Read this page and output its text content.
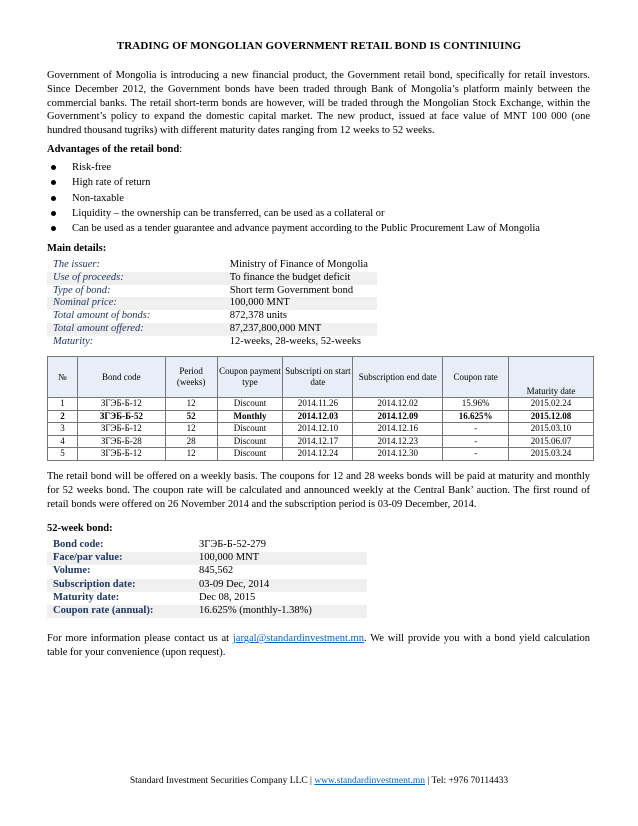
TRADING OF MONGOLIAN GOVERNMENT RETAIL BOND IS CONTINIUING

Government of Mongolia is introducing a new financial product, the Government retail bond, specifically for retail investors. Since December 2012, the Government bonds have been traded through Bank of Mongolia’s platform mainly between the commercial banks. The retail short-term bonds are however, will be traded through the Mongolian Stock Exchange, within the Government’s policy to expand the domestic capital market. The new product, issued at face value of MNT 100 000 (one hundred thousand tugriks) with different maturity dates ranging from 12 weeks to 52 weeks.

Advantages of the retail bond:
Risk-free
High rate of return
Non-taxable
Liquidity – the ownership can be transferred, can be used as a collateral or
Can be used as a tender guarantee and advance payment according to the Public Procurement Law of Mongolia
Main details:
The issuer:	Ministry of Finance of Mongolia
Use of proceeds:	To finance the budget deficit
Type of bond:	Short term Government bond
Nominal price:	100,000 MNT
Total amount of bonds:	872,378 units
Total amount offered:	87,237,800,000 MNT
Maturity:	12-weeks, 28-weeks, 52-weeks
№	Bond code	Period (weeks)	Coupon payment type	Subscripti on start date	Subscription end date	Coupon rate	Maturity date
1	ЗГЭБ-Б-12	12	Discount	2014.11.26	2014.12.02	15.96%	2015.02.24
2	ЗГЭБ-Б-52	52	Monthly	2014.12.03	2014.12.09	16.625%	2015.12.08
3	ЗГЭБ-Б-12	12	Discount	2014.12.10	2014.12.16	-	2015.03.10
4	ЗГЭБ-Б-28	28	Discount	2014.12.17	2014.12.23	-	2015.06.07
5	ЗГЭБ-Б-12	12	Discount	2014.12.24	2014.12.30	-	2015.03.24

The retail bond will be offered on a weekly basis. The coupons for 12 and 28 weeks bonds will be paid at maturity and monthly for 52 weeks bond. The coupon rate will be calculated and announced weekly at the Central Bank’ auction. The first round of retail bonds were offered on 26 November 2014 and the subscription period is 03-09 December, 2014.

52-week bond:
Bond code:	ЗГЭБ-Б-52-279
Face/par value:	100,000 MNT
Volume:	845,562
Subscription date:	03-09 Dec, 2014
Maturity date:	Dec 08, 2015
Coupon rate (annual):	16.625% (monthly-1.38%)

For more information please contact us at jargal@standardinvestment.mn. We will provide you with a bond yield calculation table for your convenience (upon request).

Standard Investment Securities Company LLC | www.standardinvestment.mn | Tel: +976 70114433
